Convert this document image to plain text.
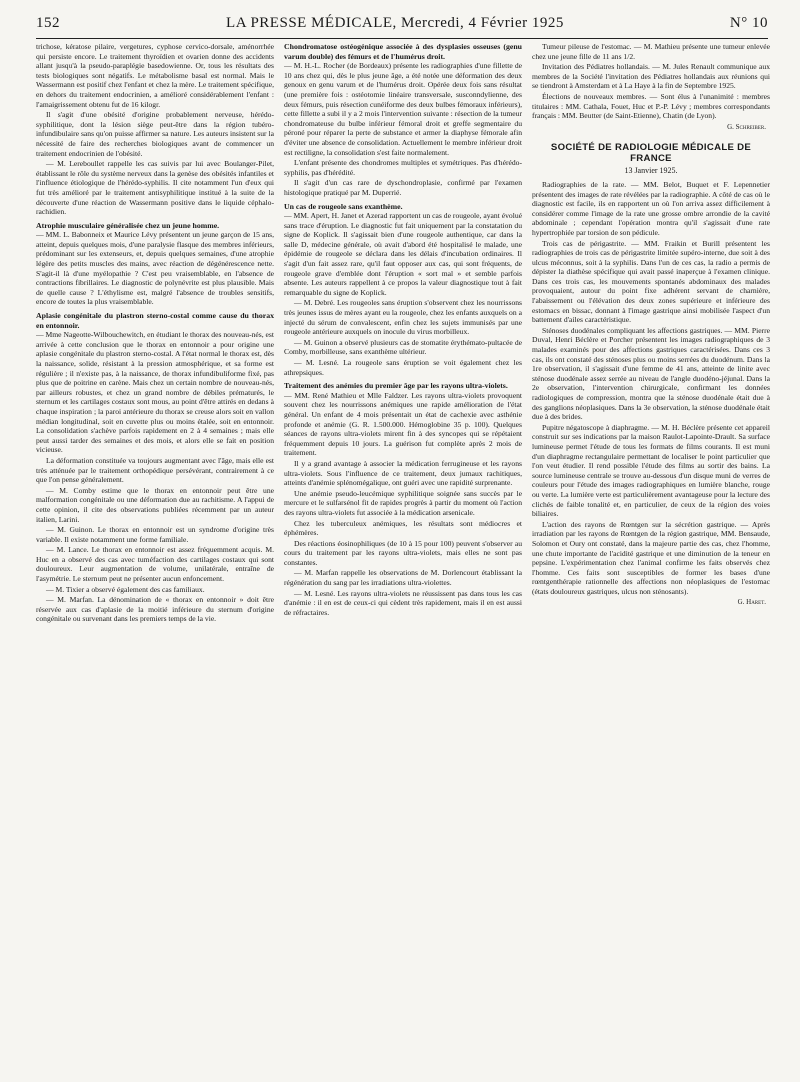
152	LA PRESSE MÉDICALE, Mercredi, 4 Février 1925	N° 10

trichose, kératose pilaire, vergetures, cyphose cervico-dorsale, aménorrhée qui persiste encore. Le traitement thyroïdien et ovarien donne des accidents allant jusqu'à la pseudo-paraplégie basedowienne. Or, tous les résultats des tests biologiques sont négatifs. Le métabolisme basal est normal. Mais le Wassermann est positif chez l'enfant et chez la mère. Le traitement spécifique, en dehors du traitement endocrinien, a amélioré considérablement l'enfant : l'amaigrissement obtenu fut de 16 kilogr.

Il s'agit d'une obésité d'origine probablement nerveuse, hérédo-syphilitique, dont la lésion siège peut-être dans la région tubéro-infundibulaire sans qu'on puisse affirmer sa nature. Les auteurs insistent sur la nécessité de faire des recherches biologiques avant de commencer un traitement endocrinien de l'obésité.

— M. Lereboullet rappelle les cas suivis par lui avec Boulanger-Pilet, établissant le rôle du système nerveux dans la genèse des obésités infantiles et l'influence étiologique de l'hérédo-syphilis. Il cite notamment l'un d'eux qui fut très amélioré par le traitement antisyphilitique institué à la suite de la découverte d'une réaction de Wassermann positive dans le liquide céphalo-rachidien.

Atrophie musculaire généralisée chez un jeune homme.

— MM. L. Babonneix et Maurice Lévy présentent un jeune garçon de 15 ans, atteint, depuis quelques mois, d'une paralysie flasque des membres inférieurs, prédominant sur les extenseurs, et, depuis quelques semaines, d'une atrophie légère des petits muscles des mains, avec réaction de dégénérescence nette. S'agit-il là d'une myélopathie ? C'est peu vraisemblable, en l'absence de contractions fibrillaires. Le diagnostic de polynévrite est plus plausible. Mais de quelle cause ? L'éthylisme est, malgré l'absence de troubles sensitifs, encore de toutes la plus vraisemblable.

Aplasie congénitale du plastron sterno-costal comme cause du thorax en entonnoir.

— Mme Nageotte-Wilbouchewitch, en étudiant le thorax des nouveau-nés, est arrivée à cette conclusion que le thorax en entonnoir a pour origine une aplasie congénitale du plastron sterno-costal. A l'état normal le thorax est, dès la naissance, solide, résistant à la pression atmosphérique, et sa forme est régulière ; il n'existe pas, à la naissance, de thorax infundibuliforme fixé, pas plus que de poitrine en carène. Mais chez un certain nombre de nouveau-nés, par ailleurs robustes, et chez un grand nombre de débiles prématurés, le sternum et les cartilages costaux sont mous, au point d'être attirés en dedans à chaque inspiration ; la paroi antérieure du thorax se creuse alors soit en vallon médian longitudinal, soit en cuvette plus ou moins étalée, soit en entonnoir. La consolidation s'achève parfois rapidement en 2 à 4 semaines ; mais elle peut aussi tarder des semaines et des mois, et alors elle se fait en position vicieuse.

La déformation constituée va toujours augmentant avec l'âge, mais elle est très atténuée par le traitement orthopédique persévérant, contrairement à ce que l'on pense généralement.

— M. Comby estime que le thorax en entonnoir peut être une malformation congénitale ou une déformation due au rachitisme. A l'appui de cette opinion, il cite des observations publiées récemment par un auteur italien, Larini.

— M. Guinon. Le thorax en entonnoir est un syndrome d'origine très variable. Il existe notamment une forme familiale.

— M. Lance. Le thorax en entonnoir est assez fréquemment acquis. M. Huc en a observé des cas avec tuméfaction des cartilages costaux qui sont douloureux. Leur augmentation de volume, unilatérale, entraîne de l'asymétrie. Le sternum peut ne présenter aucun enfoncement.

— M. Tixier a observé également des cas familiaux.

— M. Marfan. La dénomination de « thorax en entonnoir » doit être réservée aux cas d'aplasie de la moitié inférieure du sternum d'origine congénitale ou survenant dans les premiers temps de la vie.

Chondromatose ostéogénique associée à des dysplasies osseuses (genu varum double) des fémurs et de l'humérus droit.

— M. H.-L. Rocher (de Bordeaux) présente les radiographies d'une fillette de 10 ans chez qui, dès le plus jeune âge, a été notée une déformation des deux genoux en genu varum et de l'humérus droit. Opérée deux fois sans résultat (une première fois : ostéotomie linéaire transversale, susconndylienne, des deux fémurs, puis résection cunéiforme des deux bulbes fémoraux inférieurs), cette fillette a subi il y a 2 mois l'intervention suivante : résection de la tumeur chondromateuse du bulbe inférieur fémoral droit et greffe segmentaire du péroné pour réparer la perte de substance et armer la diaphyse fémorale afin d'éviter une absence de consolidation. Actuellement le membre inférieur droit est rectiligne, la consolidation s'est faite normalement.

L'enfant présente des chondromes multiples et symétriques. Pas d'hérédo-syphilis, pas d'hérédité.

Il s'agit d'un cas rare de dyschondroplasie, confirmé par l'examen histologique pratiqué par M. Duperrié.

Un cas de rougeole sans exanthème.

— MM. Apert, H. Janet et Azerad rapportent un cas de rougeole, ayant évolué sans trace d'éruption. Le diagnostic fut fait uniquement par la constatation du signe de Koplick. Il s'agissait bien d'une rougeole authentique, car dans la salle D, médecine générale, où avait d'abord été hospitalisé le malade, une épidémie de rougeole se déclara dans les délais d'incubation ordinaires. Il s'agit d'un fait assez rare, qu'il faut opposer aux cas, qui sont fréquents, de rougeole grave d'emblée dont l'éruption « sort mal » et semble parfois absente. Les auteurs rappellent à ce propos la valeur diagnostique tout à fait remarquable du signe de Koplick.

— M. Debré. Les rougeoles sans éruption s'observent chez les nourrissons très jeunes issus de mères ayant eu la rougeole, chez les enfants auxquels on a injecté du sérum de convalescent, enfin chez les sujets immunisés par une rougeole antérieure auxquels on inocule du virus morbilleux.

— M. Guinon a observé plusieurs cas de stomatite érythémato-pultacée de Comby, morbilleuse, sans exanthème ultérieur.

— M. Lesné. La rougeole sans éruption se voit également chez les athrepsiques.

Traitement des anémies du premier âge par les rayons ultra-violets.

— MM. René Mathieu et Mlle Faldzer. Les rayons ultra-violets provoquent souvent chez les nourrissons anémiques une rapide amélioration de l'état général. Un enfant de 4 mois présentait un état de cachexie avec asthénie profonde et anémie (G. R. 1.500.000. Hémoglobine 35 p. 100). Quelques séances de rayons ultra-violets mirent fin à des syncopes qui se répétaient fréquemment depuis 10 jours. La guérison fut complète après 2 mois de traitement.

Il y a grand avantage à associer la médication ferrugineuse et les rayons ultra-violets. Sous l'influence de ce traitement, deux jumaux rachitiques, atteints d'anémie splénomégalique, ont guéri avec une rapidité surprenante.

Une anémie pseudo-leucémique syphilitique soignée sans succès par le mercure et le sulfarsénol fit de rapides progrès à partir du moment où l'action des rayons ultra-violets fut associée à la médication arsenicale.

Chez les tuberculeux anémiques, les résultats sont médiocres et éphémères.

Des réactions éosinophiliques (de 10 à 15 pour 100) peuvent s'observer au cours du traitement par les rayons ultra-violets, mais elles ne sont pas constantes.

— M. Marfan rappelle les observations de M. Dorlencourt établissant la régénération du sang par les irradiations ultra-violettes.

— M. Lesné. Les rayons ultra-violets ne réussissent pas dans tous les cas d'anémie : il en est de ceux-ci qui cèdent très rapidement, mais il en est aussi de réfractaires.

Tumeur pileuse de l'estomac. — M. Mathieu présente une tumeur enlevée chez une jeune fille de 11 ans 1/2.

Invitation des Pédiatres hollandais. — M. Jules Renault communique aux membres de la Société l'invitation des Pédiatres hollandais aux réunions qui se tiendront à Amsterdam et à La Haye à la fin de Septembre 1925.

Élections de nouveaux membres. — Sont élus à l'unanimité : membres titulaires : MM. Cathala, Fouet, Huc et P.-P. Lévy ; membres correspondants français : MM. Beutter (de Saint-Etienne), Chatin (de Lyon).

G. Schreiber.
SOCIÉTÉ DE RADIOLOGIE MÉDICALE DE FRANCE
13 Janvier 1925.

Radiographies de la rate. — MM. Belot, Buquet et F. Lepennetier présentent des images de rate révélées par la radiographie. A côté de cas où le diagnostic est facile, ils en rapportent un où l'on arriva assez difficilement à considérer comme l'image de la rate une grosse ombre arrondie de la cavité abdominale ; cependant l'opération montra qu'il s'agissait d'une rate hypertrophiée par torsion de son pédicule.

Trois cas de périgastrite. — MM. Fraikin et Burill présentent les radiographies de trois cas de périgastrite limitée supéro-interne, due soit à des ulcus méconnus, soit à la syphilis. Dans l'un de ces cas, la radio a permis de dépister la diathèse spécifique qui avait passé inaperçue à l'examen clinique. Dans ces trois cas, les mouvements spontanés abdominaux des malades provoquaient, autour du point fixe adhérent servant de charnière, l'abaissement ou l'élévation des deux zones supérieure et inférieure des estomacs en bissac, donnant à l'image gastrique ainsi mobilisée l'aspect d'un battement d'ailes caractéristique.

Sténoses duodénales compliquant les affections gastriques. — MM. Pierre Duval, Henri Béclère et Porcher présentent les images radiographiques de 3 malades examinés pour des affections gastriques caractérisées. Dans ces 3 cas, ils ont constaté des sténoses plus ou moins serrées du duodénum. Dans la 1re observation, il s'agissait d'une femme de 41 ans, atteinte de linite avec sténose duodénale assez serrée au niveau de l'angle duodéno-jéjunal. Dans la 2e observation, l'intervention chirurgicale, confirmant les données radiologiques de compression, montra que la sténose duodénale était due à des ganglions néoplasiques. Dans la 3e observation, la sténose duodénale était due à des brides.

Pupitre négatoscope à diaphragme. — M. H. Béclère présente cet appareil construit sur ses indications par la maison Raulot-Lapointe-Drault. Sa surface lumineuse permet l'étude de tous les formats de films courants. Il est muni d'un diaphragme rectangulaire permettant de localiser le point particulier que l'on veut étudier. Il rend possible l'étude des films au sortir des bains. La source lumineuse centrale se trouve au-dessous d'un disque muni de verres de couleurs pour l'étude des images radiographiques en lumière blanche, rouge ou verte. La lumière verte est particulièrement avantageuse pour la lecture des clichés de faible tonalité et, en particulier, de ceux de la région des voies biliaires.

L'action des rayons de Rœntgen sur la sécrétion gastrique. — Après irradiation par les rayons de Rœntgen de la région gastrique, MM. Bensaude, Solomon et Oury ont constaté, dans la majeure partie des cas, chez l'homme, une chute importante de l'acidité gastrique et une diminution de la teneur en pepsine. L'expérimentation chez l'animal confirme les faits observés chez l'homme. Ces faits sont susceptibles de former les bases d'une rœntgenthérapie rationnelle des affections non néoplasiques de l'estomac (états douloureux gastriques, ulcus non sténosants).

G. Haret.
